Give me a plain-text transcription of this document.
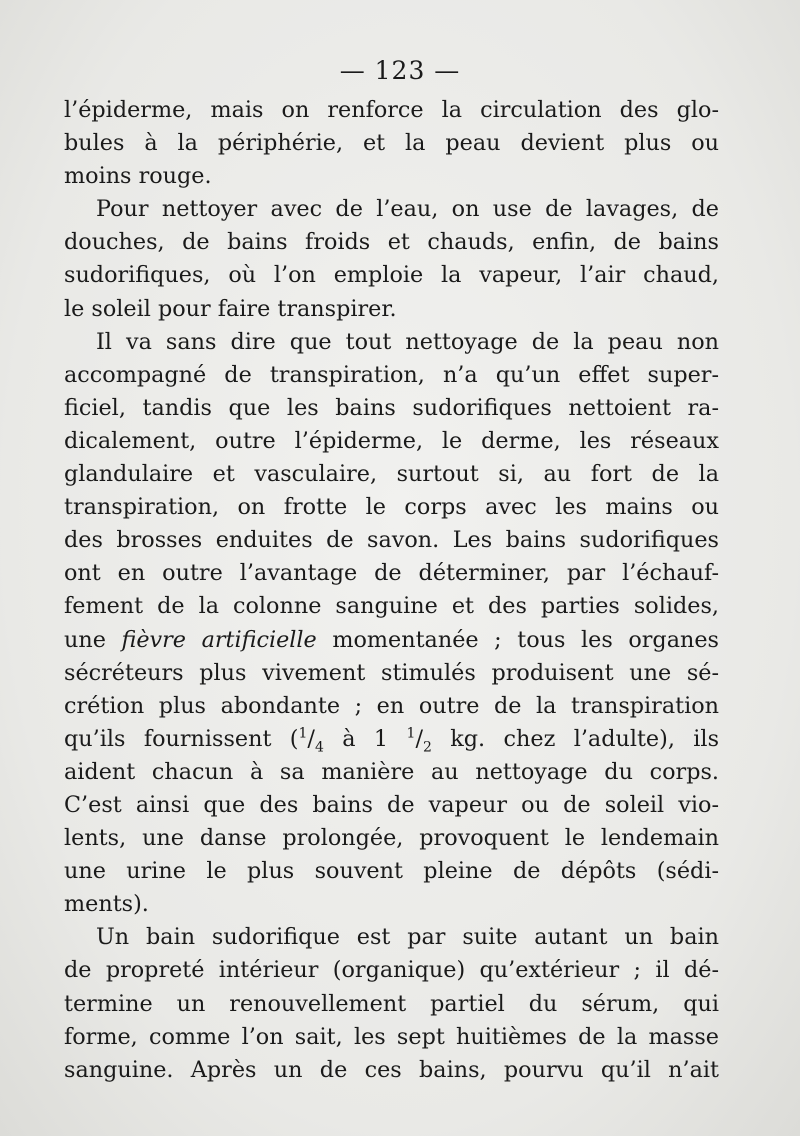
— 123 —
l’épiderme, mais on renforce la circulation des glo-
bules à la périphérie, et la peau devient plus ou
moins rouge.
Pour nettoyer avec de l’eau, on use de lavages, de
douches, de bains froids et chauds, enfin, de bains
sudorifiques, où l’on emploie la vapeur, l’air chaud,
le soleil pour faire transpirer.
Il va sans dire que tout nettoyage de la peau non
accompagné de transpiration, n’a qu’un effet super-
ficiel, tandis que les bains sudorifiques nettoient ra-
dicalement, outre l’épiderme, le derme, les réseaux
glandulaire et vasculaire, surtout si, au fort de la
transpiration, on frotte le corps avec les mains ou
des brosses enduites de savon. Les bains sudorifiques
ont en outre l’avantage de déterminer, par l’échauf-
fement de la colonne sanguine et des parties solides,
une fièvre artificielle momentanée ; tous les organes
sécréteurs plus vivement stimulés produisent une sé-
crétion plus abondante ; en outre de la transpiration
qu’ils fournissent ($^1/_4$ à 1 $^1/_2$ kg. chez l’adulte), ils
aident chacun à sa manière au nettoyage du corps.
C’est ainsi que des bains de vapeur ou de soleil vio-
lents, une danse prolongée, provoquent le lendemain
une urine le plus souvent pleine de dépôts (sédi-
ments).
Un bain sudorifique est par suite autant un bain
de propreté intérieur (organique) qu’extérieur ; il dé-
termine un renouvellement partiel du sérum, qui
forme, comme l’on sait, les sept huitièmes de la masse
sanguine. Après un de ces bains, pourvu qu’il n’ait
